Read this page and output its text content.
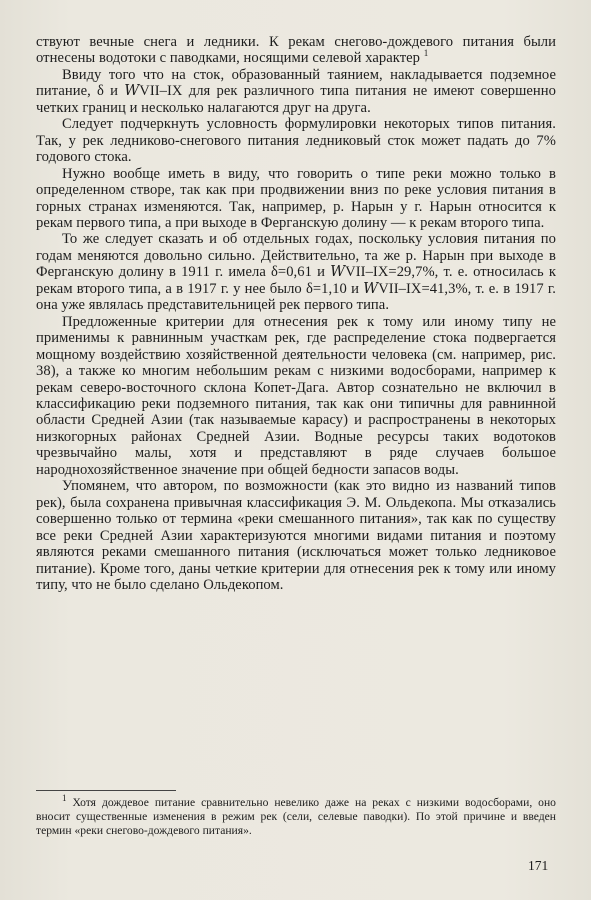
ствуют вечные снега и ледники. К рекам снегово-дождевого питания были отнесены водотоки с паводками, носящими селевой характер $^1$

Ввиду того что на сток, образованный таянием, накладывается подземное питание, δ и 𝑊VII–IX для рек различного типа питания не имеют совершенно четких границ и несколько налагаются друг на друга.

Следует подчеркнуть условность формулировки некоторых типов питания. Так, у рек ледниково-снегового питания ледниковый сток может падать до 7% годового стока.

Нужно вообще иметь в виду, что говорить о типе реки можно только в определенном створе, так как при продвижении вниз по реке условия питания в горных странах изменяются. Так, например, р. Нарын у г. Нарын относится к рекам первого типа, а при выходе в Ферганскую долину — к рекам второго типа.

То же следует сказать и об отдельных годах, поскольку условия питания по годам меняются довольно сильно. Действительно, та же р. Нарын при выходе в Ферганскую долину в 1911 г. имела δ=0,61 и 𝑊VII–IX=29,7%, т. е. относилась к рекам второго типа, а в 1917 г. у нее было δ=1,10 и 𝑊VII–IX=41,3%, т. е. в 1917 г. она уже являлась представительницей рек первого типа.

Предложенные критерии для отнесения рек к тому или иному типу не применимы к равнинным участкам рек, где распределение стока подвергается мощному воздействию хозяйственной деятельности человека (см. например, рис. 38), а также ко многим небольшим рекам с низкими водосборами, например к рекам северо-восточного склона Копет-Дага. Автор сознательно не включил в классификацию реки подземного питания, так как они типичны для равнинной области Средней Азии (так называемые карасу) и распространены в некоторых низкогорных районах Средней Азии. Водные ресурсы таких водотоков чрезвычайно малы, хотя и представляют в ряде случаев большое народнохозяйственное значение при общей бедности запасов воды.

Упомянем, что автором, по возможности (как это видно из названий типов рек), была сохранена привычная классификация Э. М. Ольдекопа. Мы отказались совершенно только от термина «реки смешанного питания», так как по существу все реки Средней Азии характеризуются многими видами питания и поэтому являются реками смешанного питания (исключаться может только ледниковое питание). Кроме того, даны четкие критерии для отнесения рек к тому или иному типу, что не было сделано Ольдекопом.

$^1$ Хотя дождевое питание сравнительно невелико даже на реках с низкими водосборами, оно вносит существенные изменения в режим рек (сели, селевые паводки). По этой причине и введен термин «реки снегово-дождевого питания».

171
